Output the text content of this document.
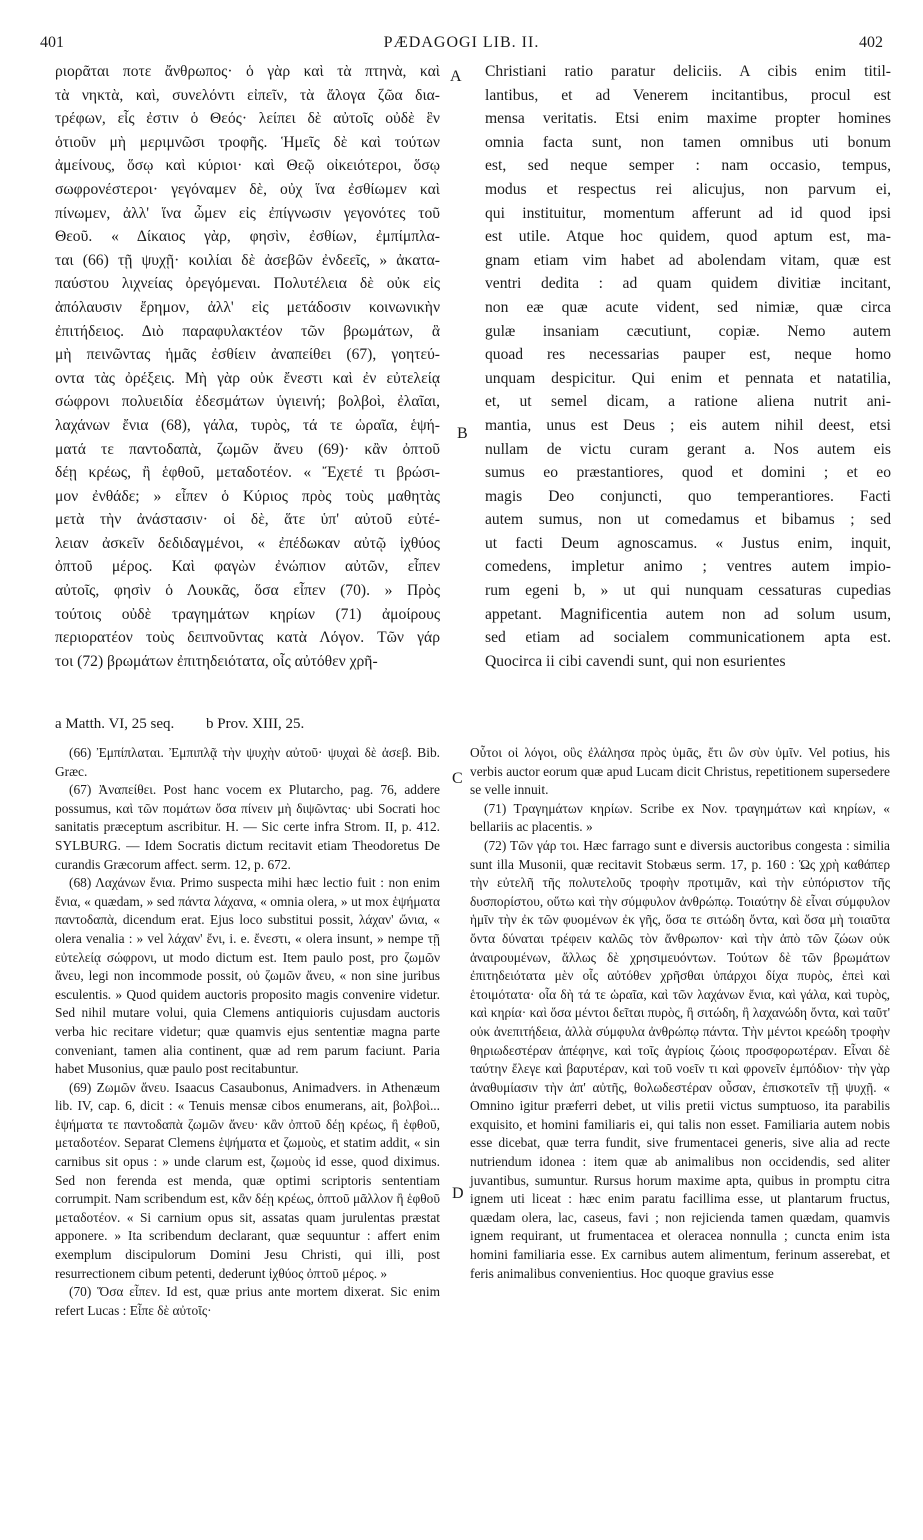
401	PÆDAGOGI LIB. II.	402
A
B
C
D
ριορᾶται ποτε ἄνθρωπος· ὁ γὰρ καὶ τὰ πτηνὰ, καὶ
τὰ νηκτὰ, καὶ, συνελόντι εἰπεῖν, τὰ ἄλογα ζῶα δια-
τρέφων, εἷς ἐστιν ὁ Θεός· λείπει δὲ αὐτοῖς οὐδὲ ἓν
ὁτιοῦν μὴ μεριμνῶσι τροφῆς. Ἡμεῖς δὲ καὶ τούτων
ἀμείνους, ὅσῳ καὶ κύριοι· καὶ Θεῷ οἰκειότεροι, ὅσῳ
σωφρονέστεροι· γεγόναμεν δὲ, οὐχ ἵνα ἐσθίωμεν καὶ
πίνωμεν, ἀλλ' ἵνα ὦμεν εἰς ἐπίγνωσιν γεγονότες τοῦ
Θεοῦ. « Δίκαιος γὰρ, φησὶν, ἐσθίων, ἐμπίμπλα-
ται (66) τῇ ψυχῇ· κοιλίαι δὲ ἀσεβῶν ἐνδεεῖς, » ἀκατα-
παύστου λιχνείας ὀρεγόμεναι. Πολυτέλεια δὲ οὐκ εἰς
ἀπόλαυσιν ἔρημον, ἀλλ' εἰς μετάδοσιν κοινωνικὴν
ἐπιτήδειος. Διὸ παραφυλακτέον τῶν βρωμάτων, ἃ
μὴ πεινῶντας ἡμᾶς ἐσθίειν ἀναπείθει (67), γοητεύ-
οντα τὰς ὀρέξεις. Μὴ γὰρ οὐκ ἔνεστι καὶ ἐν εὐτελείᾳ
σώφρονι πολυειδία ἐδεσμάτων ὑγιεινή; βολβοὶ, ἐλαῖαι,
λαχάνων ἔνια (68), γάλα, τυρὸς, τά τε ὡραῖα, ἑψή-
ματά τε παντοδαπὰ, ζωμῶν ἄνευ (69)· κἂν ὀπτοῦ
δέῃ κρέως, ἢ ἑφθοῦ, μεταδοτέον. « Ἔχετέ τι βρώσι-
μον ἐνθάδε; » εἶπεν ὁ Κύριος πρὸς τοὺς μαθητὰς
μετὰ τὴν ἀνάστασιν· οἱ δὲ, ἅτε ὑπ' αὐτοῦ εὐτέ-
λειαν ἀσκεῖν δεδιδαγμένοι, « ἐπέδωκαν αὐτῷ ἰχθύος
ὀπτοῦ μέρος. Καὶ φαγὼν ἐνώπιον αὐτῶν, εἶπεν
αὐτοῖς, φησὶν ὁ Λουκᾶς, ὅσα εἶπεν (70). » Πρὸς
τούτοις οὐδὲ τραγημάτων κηρίων (71) ἀμοίρους
περιορατέον τοὺς δειπνοῦντας κατὰ Λόγον. Τῶν γάρ
τοι (72) βρωμάτων ἐπιτηδειότατα, οἷς αὐτόθεν χρῆ-
Christiani ratio paratur deliciis. A cibis enim titil-
lantibus, et ad Venerem incitantibus, procul est
mensa veritatis. Etsi enim maxime propter homines
omnia facta sunt, non tamen omnibus uti bonum
est, sed neque semper : nam occasio, tempus,
modus et respectus rei alicujus, non parvum ei,
qui instituitur, momentum afferunt ad id quod ipsi
est utile. Atque hoc quidem, quod aptum est, ma-
gnam etiam vim habet ad abolendam vitam, quæ est
ventri dedita : ad quam quidem divitiæ incitant,
non eæ quæ acute vident, sed nimiæ, quæ circa
gulæ insaniam cæcutiunt, copiæ. Nemo autem
quoad res necessarias pauper est, neque homo
unquam despicitur. Qui enim et pennata et natatilia,
et, ut semel dicam, a ratione aliena nutrit ani-
mantia, unus est Deus ; eis autem nihil deest, etsi
nullam de victu curam gerant a. Nos autem eis
sumus eo præstantiores, quod et domini ; et eo
magis Deo conjuncti, quo temperantiores. Facti
autem sumus, non ut comedamus et bibamus ; sed
ut facti Deum agnoscamus. « Justus enim, inquit,
comedens, impletur animo ; ventres autem impio-
rum egeni b, » ut qui nunquam cessaturas cupedias
appetant. Magnificentia autem non ad solum usum,
sed etiam ad socialem communicationem apta est.
Quocirca ii cibi cavendi sunt, qui non esurientes
a Matth. VI, 25 seq. b Prov. XIII, 25.

(66) Ἐμπίπλαται. Ἐμπιπλᾷ τὴν ψυχὴν αὐτοῦ· ψυχαὶ δὲ ἀσεβ. Bib. Græc.

(67) Ἀναπείθει. Post hanc vocem ex Plutarcho, pag. 76, addere possumus, καὶ τῶν πομάτων ὅσα πίνειν μὴ διψῶντας· ubi Socrati hoc sanitatis præceptum ascribitur. H. — Sic certe infra Strom. II, p. 412. SYLBURG. — Idem Socratis dictum recitavit etiam Theodoretus De curandis Græcorum affect. serm. 12, p. 672.

(68) Λαχάνων ἔνια. Primo suspecta mihi hæc lectio fuit : non enim ἔνια, « quædam, » sed πάντα λάχανα, « omnia olera, » ut mox ἑψήματα παντοδαπὰ, dicendum erat. Ejus loco substitui possit, λάχαν' ὤνια, « olera venalia : » vel λάχαν' ἔνι, i. e. ἔνεστι, « olera insunt, » nempe τῇ εὐτελείᾳ σώφρονι, ut modo dictum est. Item paulo post, pro ζωμῶν ἄνευ, legi non incommode possit, οὐ ζωμῶν ἄνευ, « non sine juribus esculentis. » Quod quidem auctoris proposito magis convenire videtur. Sed nihil mutare volui, quia Clemens antiquioris cujusdam auctoris verba hic recitare videtur; quæ quamvis ejus sententiæ magna parte conveniant, tamen alia continent, quæ ad rem parum faciunt. Paria habet Musonius, quæ paulo post recitabuntur.

(69) Ζωμῶν ἄνευ. Isaacus Casaubonus, Animadvers. in Athenæum lib. IV, cap. 6, dicit : « Tenuis mensæ cibos enumerans, ait, βολβοὶ... ἑψήματα τε παντοδαπὰ ζωμῶν ἄνευ· κἂν ὀπτοῦ δέῃ κρέως, ἢ ἑφθοῦ, μεταδοτέον. Separat Clemens ἑψήματα et ζωμοὺς, et statim addit, « sin carnibus sit opus : » unde clarum est, ζωμοὺς id esse, quod diximus. Sed non ferenda est menda, quæ optimi scriptoris sententiam corrumpit. Nam scribendum est, κἂν δέῃ κρέως, ὀπτοῦ μᾶλλον ἢ ἑφθοῦ μεταδοτέον. « Si carnium opus sit, assatas quam jurulentas præstat apponere. » Ita scribendum declarant, quæ sequuntur : affert enim exemplum discipulorum Domini Jesu Christi, qui illi, post resurrectionem cibum petenti, dederunt ἰχθύος ὀπτοῦ μέρος. »

(70) Ὅσα εἶπεν. Id est, quæ prius ante mortem dixerat. Sic enim refert Lucas : Εἶπε δὲ αὐτοῖς·

Οὗτοι οἱ λόγοι, οὓς ἐλάλησα πρὸς ὑμᾶς, ἔτι ὢν σὺν ὑμῖν. Vel potius, his verbis auctor eorum quæ apud Lucam dicit Christus, repetitionem supersedere se velle innuit.

(71) Τραγημάτων κηρίων. Scribe ex Nov. τραγημάτων καὶ κηρίων, « bellariis ac placentis. »

(72) Τῶν γάρ τοι. Hæc farrago sunt e diversis auctoribus congesta : similia sunt illa Musonii, quæ recitavit Stobæus serm. 17, p. 160 : Ὡς χρὴ καθάπερ τὴν εὐτελῆ τῆς πολυτελοῦς τροφὴν προτιμᾶν, καὶ τὴν εὐπόριστον τῆς δυσπορίστου, οὕτω καὶ τὴν σύμφυλον ἀνθρώπῳ. Τοιαύτην δὲ εἶναι σύμφυλον ἡμῖν τὴν ἐκ τῶν φυομένων ἐκ γῆς, ὅσα τε σιτώδη ὄντα, καὶ ὅσα μὴ τοιαῦτα ὄντα δύναται τρέφειν καλῶς τὸν ἄνθρωπον· καὶ τὴν ἀπὸ τῶν ζώων οὐκ ἀναιρουμένων, ἄλλως δὲ χρησιμευόντων. Τούτων δὲ τῶν βρωμάτων ἐπιτηδειότατα μὲν οἷς αὐτόθεν χρῆσθαι ὑπάρχοι δίχα πυρὸς, ἐπεὶ καὶ ἑτοιμότατα· οἷα δὴ τά τε ὡραῖα, καὶ τῶν λαχάνων ἔνια, καὶ γάλα, καὶ τυρὸς, καὶ κηρία· καὶ ὅσα μέντοι δεῖται πυρὸς, ἢ σιτώδη, ἢ λαχανώδη ὄντα, καὶ ταῦτ' οὐκ ἀνεπιτήδεια, ἀλλὰ σύμφυλα ἀνθρώπῳ πάντα. Τὴν μέντοι κρεώδη τροφὴν θηριωδεστέραν ἀπέφηνε, καὶ τοῖς ἀγρίοις ζώοις προσφορωτέραν. Εἶναι δὲ ταύτην ἔλεγε καὶ βαρυτέραν, καὶ τοῦ νοεῖν τι καὶ φρονεῖν ἐμπόδιον· τὴν γὰρ ἀναθυμίασιν τὴν ἀπ' αὐτῆς, θολωδεστέραν οὖσαν, ἐπισκοτεῖν τῇ ψυχῇ. « Omnino igitur præferri debet, ut vilis pretii victus sumptuoso, ita parabilis exquisito, et homini familiaris ei, qui talis non esset. Familiaria autem nobis esse dicebat, quæ terra fundit, sive frumentacei generis, sive alia ad recte nutriendum idonea : item quæ ab animalibus non occidendis, sed aliter juvantibus, sumuntur. Rursus horum maxime apta, quibus in promptu citra ignem uti liceat : hæc enim paratu facillima esse, ut plantarum fructus, quædam olera, lac, caseus, favi ; non rejicienda tamen quædam, quamvis ignem requirant, ut frumentacea et oleracea nonnulla ; cuncta enim ista homini familiaria esse. Ex carnibus autem alimentum, ferinum asserebat, et feris animalibus convenientius. Hoc quoque gravius esse
